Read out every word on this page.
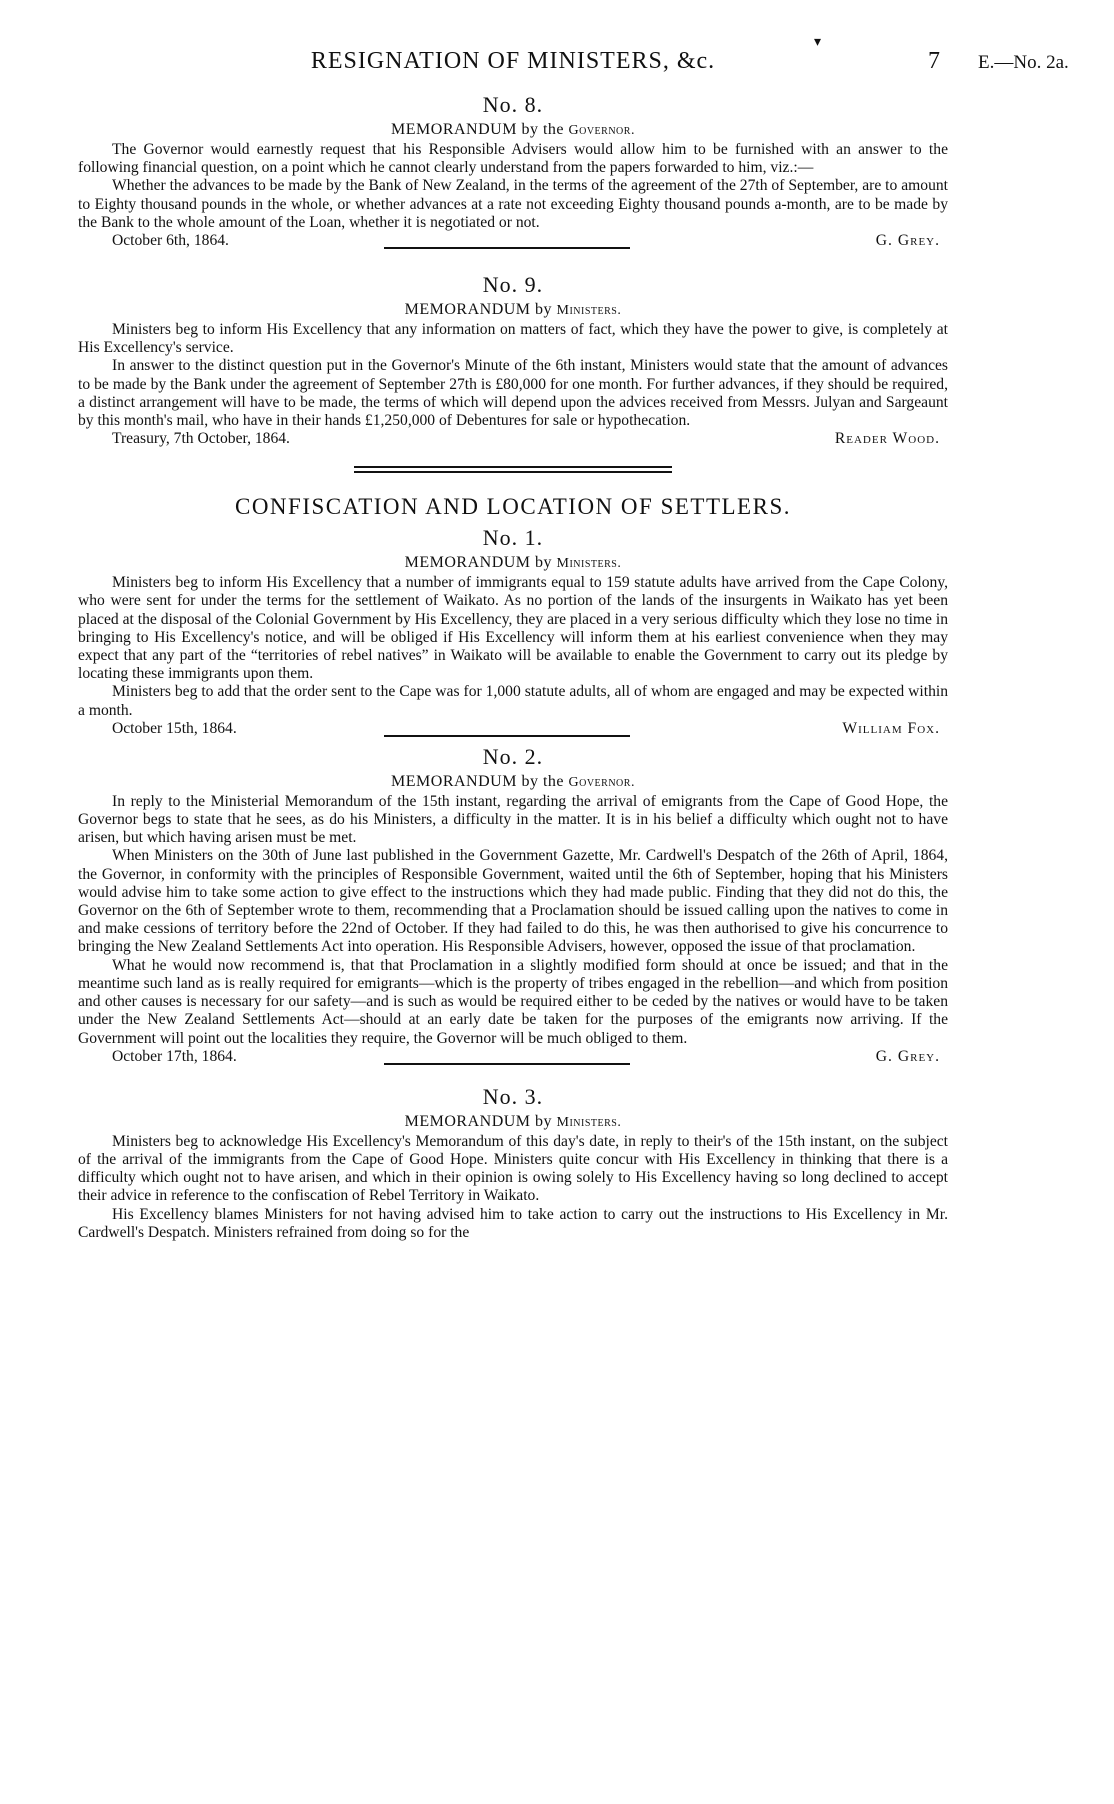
▾
RESIGNATION OF MINISTERS, &c.	7 E.—No. 2a.
No. 8.
MEMORANDUM by the Governor.

The Governor would earnestly request that his Responsible Advisers would allow him to be furnished with an answer to the following financial question, on a point which he cannot clearly understand from the papers forwarded to him, viz.:—

Whether the advances to be made by the Bank of New Zealand, in the terms of the agreement of the 27th of September, are to amount to Eighty thousand pounds in the whole, or whether advances at a rate not exceeding Eighty thousand pounds a-month, are to be made by the Bank to the whole amount of the Loan, whether it is negotiated or not.

October 6th, 1864.	G. Grey.
No. 9.
MEMORANDUM by Ministers.

Ministers beg to inform His Excellency that any information on matters of fact, which they have the power to give, is completely at His Excellency's service.

In answer to the distinct question put in the Governor's Minute of the 6th instant, Ministers would state that the amount of advances to be made by the Bank under the agreement of September 27th is £80,000 for one month. For further advances, if they should be required, a distinct arrangement will have to be made, the terms of which will depend upon the advices received from Messrs. Julyan and Sargeaunt by this month's mail, who have in their hands £1,250,000 of Debentures for sale or hypothecation.

Treasury, 7th October, 1864.	Reader Wood.
CONFISCATION AND LOCATION OF SETTLERS.
No. 1.
MEMORANDUM by Ministers.

Ministers beg to inform His Excellency that a number of immigrants equal to 159 statute adults have arrived from the Cape Colony, who were sent for under the terms for the settlement of Waikato. As no portion of the lands of the insurgents in Waikato has yet been placed at the disposal of the Colonial Government by His Excellency, they are placed in a very serious difficulty which they lose no time in bringing to His Excellency's notice, and will be obliged if His Excellency will inform them at his earliest convenience when they may expect that any part of the “territories of rebel natives” in Waikato will be available to enable the Government to carry out its pledge by locating these immigrants upon them.

Ministers beg to add that the order sent to the Cape was for 1,000 statute adults, all of whom are engaged and may be expected within a month.

October 15th, 1864.	William Fox.
No. 2.
MEMORANDUM by the Governor.

In reply to the Ministerial Memorandum of the 15th instant, regarding the arrival of emigrants from the Cape of Good Hope, the Governor begs to state that he sees, as do his Ministers, a difficulty in the matter. It is in his belief a difficulty which ought not to have arisen, but which having arisen must be met.

When Ministers on the 30th of June last published in the Government Gazette, Mr. Cardwell's Despatch of the 26th of April, 1864, the Governor, in conformity with the principles of Responsible Government, waited until the 6th of September, hoping that his Ministers would advise him to take some action to give effect to the instructions which they had made public. Finding that they did not do this, the Governor on the 6th of September wrote to them, recommending that a Proclamation should be issued calling upon the natives to come in and make cessions of territory before the 22nd of October. If they had failed to do this, he was then authorised to give his concurrence to bringing the New Zealand Settlements Act into operation. His Responsible Advisers, however, opposed the issue of that proclamation.

What he would now recommend is, that that Proclamation in a slightly modified form should at once be issued; and that in the meantime such land as is really required for emigrants—which is the property of tribes engaged in the rebellion—and which from position and other causes is necessary for our safety—and is such as would be required either to be ceded by the natives or would have to be taken under the New Zealand Settlements Act—should at an early date be taken for the purposes of the emigrants now arriving. If the Government will point out the localities they require, the Governor will be much obliged to them.

October 17th, 1864.	G. Grey.
No. 3.
MEMORANDUM by Ministers.

Ministers beg to acknowledge His Excellency's Memorandum of this day's date, in reply to their's of the 15th instant, on the subject of the arrival of the immigrants from the Cape of Good Hope. Ministers quite concur with His Excellency in thinking that there is a difficulty which ought not to have arisen, and which in their opinion is owing solely to His Excellency having so long declined to accept their advice in reference to the confiscation of Rebel Territory in Waikato.

His Excellency blames Ministers for not having advised him to take action to carry out the instructions to His Excellency in Mr. Cardwell's Despatch. Ministers refrained from doing so for the
